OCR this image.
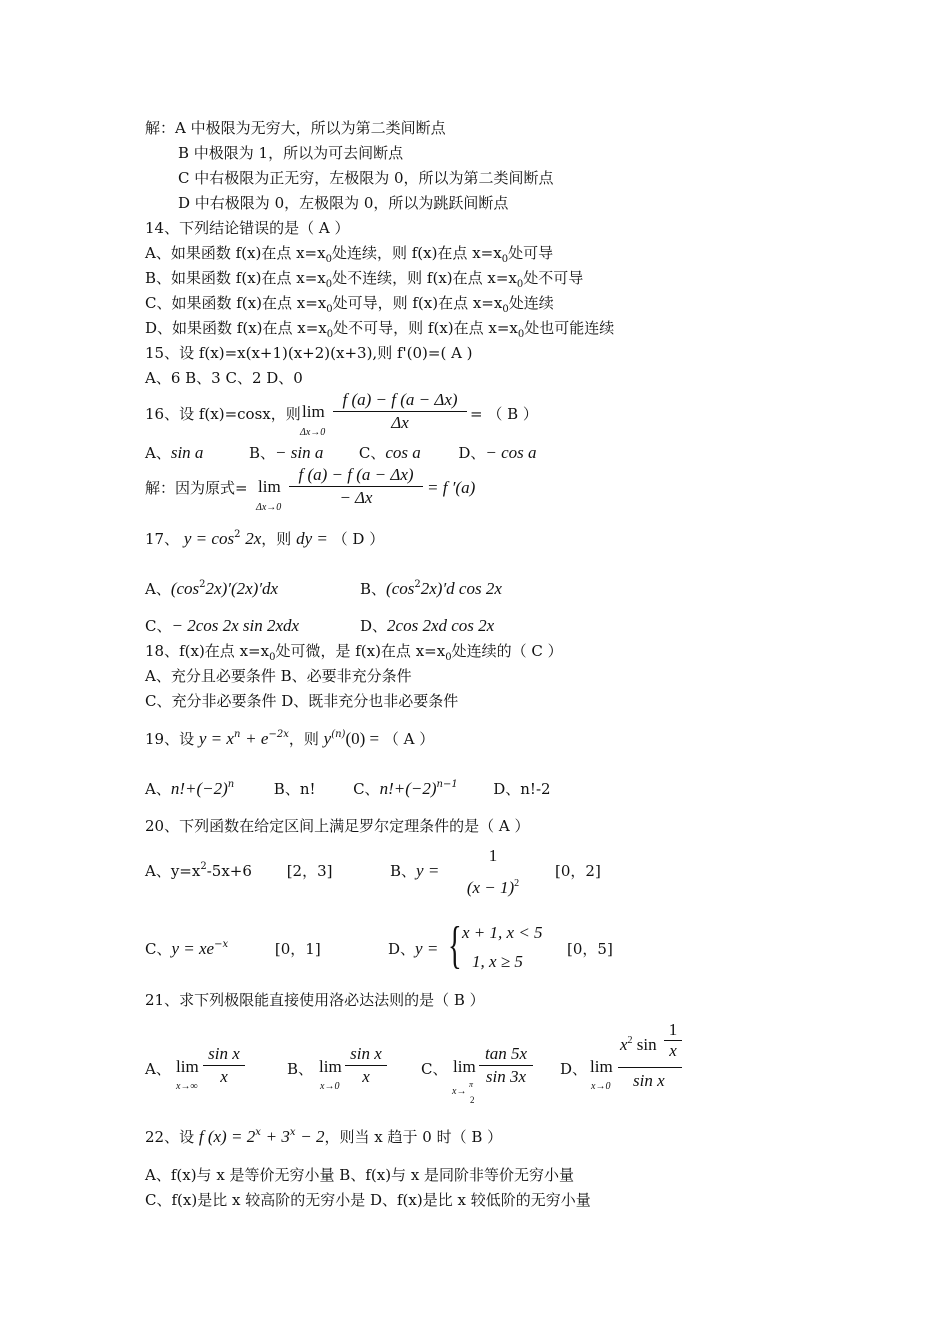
解：A 中极限为无穷大，所以为第二类间断点
B 中极限为 1，所以为可去间断点
C 中右极限为正无穷，左极限为 0，所以为第二类间断点
D 中右极限为 0，左极限为 0，所以为跳跃间断点
14、下列结论错误的是（ A ）
A、如果函数 f(x)在点 $x=x_0$处连续，则 f(x)在点 $x=x_0$处可导
B、如果函数 f(x)在点 $x=x_0$处不连续，则 f(x)在点 $x=x_0$处不可导
C、如果函数 f(x)在点 $x=x_0$处可导，则 f(x)在点 $x=x_0$处连续
D、如果函数 f(x)在点 $x=x_0$处不可导，则 f(x)在点 $x=x_0$处也可能连续
15、设 f(x)=x(x+1)(x+2)(x+3),则 f'(0)=( A )
A、6 B、3 C、2 D、0
16、设 f(x)=cosx，则 lim
$\Delta x\to 0 \frac{f (a) - f (a - \Delta x)}{\Delta x}$ = （ B ）
A、sin a	B、− sin a C、cos a	D、− cos a
解：因为原式= lim
$\Delta x\to 0 \frac{f (a) - f (a - \Delta x)}{- \Delta x} = f$ ′(a)
17、 $y = \cos^2 2x$，则 dy = （ D ）
A、$(\cos^22x)'(2x)'dx$	B、$(\cos^22x)'d$ cos 2x
C、− 2cos 2x sin 2xdx	D、2cos 2xd cos 2x
18、f(x)在点 $x=x_0$处可微，是 f(x)在点 $x=x_0$处连续的（ C ）
A、充分且必要条件 B、必要非充分条件
C、充分非必要条件 D、既非充分也非必要条件
19、设 $y = x^n + e^{-2x}$，则 $y^{(n)}(0)$ = （ A ）
A、$n!+(-2)^n$	B、n!	C、$n!+(-2)^{n-1}$ D、n!-2
20、下列函数在给定区间上满足罗尔定理条件的是（ A ）
A、$y=x^2-5x+6$ [2，3]	B、y =
1
$(x - 1)^2$
[0，2]
C、$y = xe^{-x}$	[0，1]	D、y = { x + 1, x < 5
1, x ≥ 5
[0，5]
21、求下列极限能直接使用洛必达法则的是（ B ）
A、 lim
$x\to\infty \frac{\text{sin x}}{x}$	B、 lim
$x\to 0 \frac{\text{sin x}}{x}$ C、 lim
x→
π
2
$\frac{\tan 5x}{\sin 3x}$ D、 lim
x→0
$x^2$ $\sin \frac{1}{x}$
sin x
22、设 f $(x) = 2^x + 3^x - 2$，则当 x 趋于 0 时（ B ）
A、f(x)与 x 是等价无穷小量 B、f(x)与 x 是同阶非等价无穷小量
C、f(x)是比 x 较高阶的无穷小是 D、f(x)是比 x 较低阶的无穷小量
